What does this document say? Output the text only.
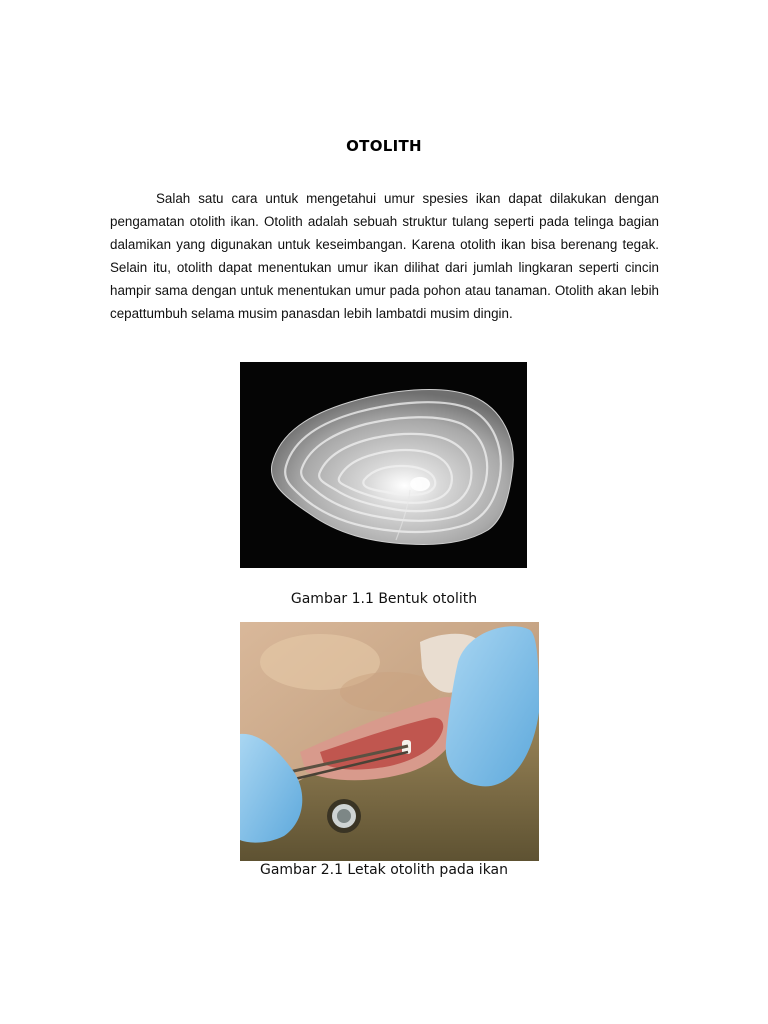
OTOLITH

Salah satu cara untuk mengetahui umur spesies ikan dapat dilakukan dengan pengamatan otolith ikan. Otolith adalah sebuah struktur tulang seperti pada telinga bagian dalamikan yang digunakan untuk keseimbangan. Karena otolith ikan bisa berenang tegak. Selain itu, otolith dapat menentukan umur ikan dilihat dari jumlah lingkaran seperti cincin hampir sama dengan untuk menentukan umur pada pohon atau tanaman. Otolith akan lebih cepattumbuh selama musim panasdan lebih lambatdi musim dingin.

Gambar 1.1 Bentuk otolith
Gambar 2.1 Letak otolith pada ikan
